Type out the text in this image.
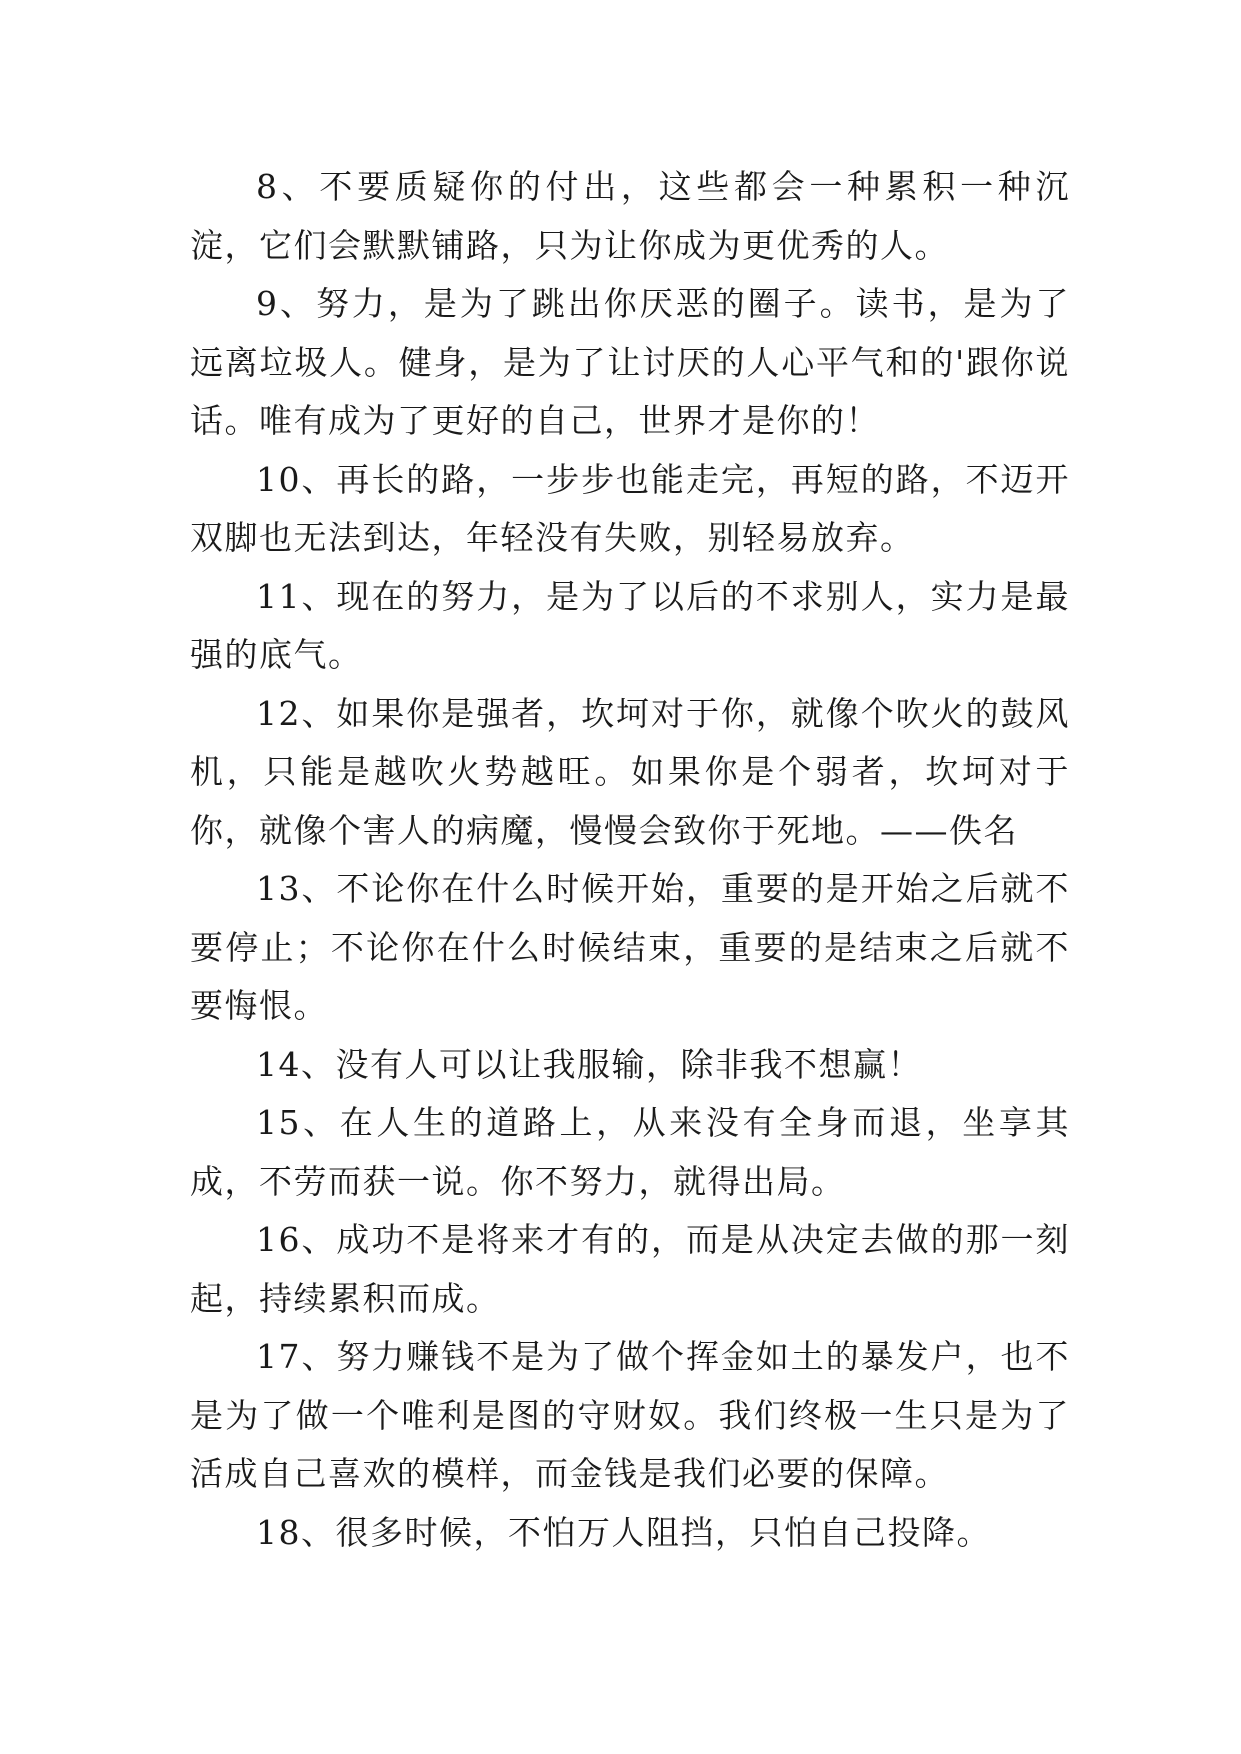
8、不要质疑你的付出，这些都会一种累积一种沉淀，它们会默默铺路，只为让你成为更优秀的人。

9、努力，是为了跳出你厌恶的圈子。读书，是为了远离垃圾人。健身，是为了让讨厌的人心平气和的'跟你说话。唯有成为了更好的自己，世界才是你的！

10、再长的路，一步步也能走完，再短的路，不迈开双脚也无法到达，年轻没有失败，别轻易放弃。

11、现在的努力，是为了以后的不求别人，实力是最强的底气。

12、如果你是强者，坎坷对于你，就像个吹火的鼓风机，只能是越吹火势越旺。如果你是个弱者，坎坷对于你，就像个害人的病魔，慢慢会致你于死地。——佚名

13、不论你在什么时候开始，重要的是开始之后就不要停止；不论你在什么时候结束，重要的是结束之后就不要悔恨。

14、没有人可以让我服输，除非我不想赢！

15、在人生的道路上，从来没有全身而退，坐享其成，不劳而获一说。你不努力，就得出局。

16、成功不是将来才有的，而是从决定去做的那一刻起，持续累积而成。

17、努力赚钱不是为了做个挥金如土的暴发户，也不是为了做一个唯利是图的守财奴。我们终极一生只是为了活成自己喜欢的模样，而金钱是我们必要的保障。

18、很多时候，不怕万人阻挡，只怕自己投降。
